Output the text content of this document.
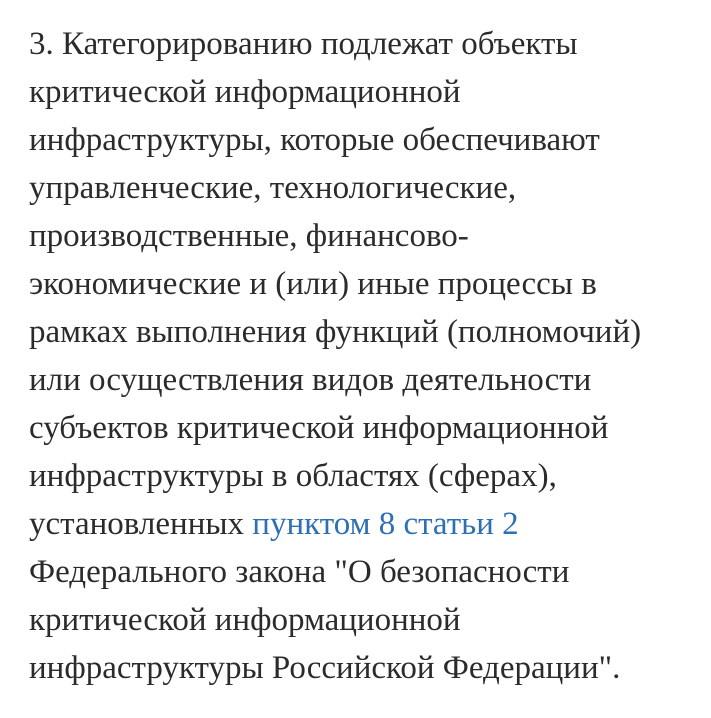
3. Категорированию подлежат объекты
критической информационной
инфраструктуры, которые обеспечивают
управленческие, технологические,
производственные, финансово-
экономические и (или) иные процессы в
рамках выполнения функций (полномочий)
или осуществления видов деятельности
субъектов критической информационной
инфраструктуры в областях (сферах),
установленных пунктом 8 статьи 2
Федерального закона "О безопасности
критической информационной
инфраструктуры Российской Федерации".
